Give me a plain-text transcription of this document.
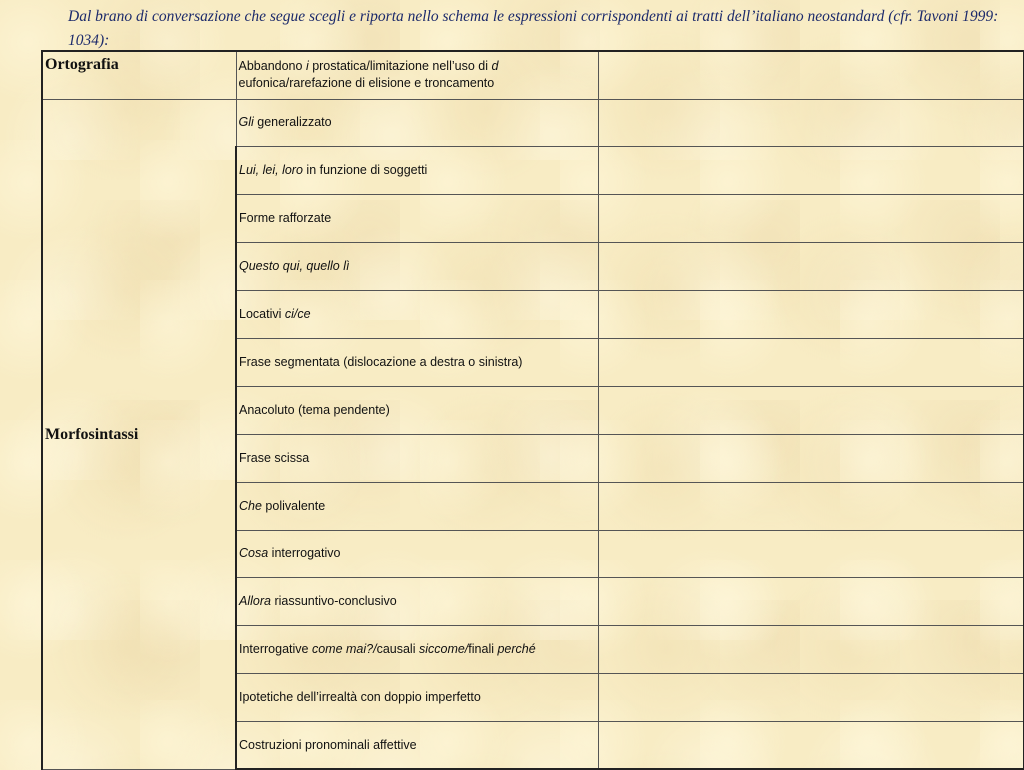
Dal brano di conversazione che segue scegli e riporta nello schema le espressioni corrispondenti ai tratti dell’italiano neostandard (cfr. Tavoni 1999: 1034):

Ortografia	Abbandono i prostatica/limitazione nell’uso di d eufonica/rarefazione di elisione e troncamento	
Morfosintassi	Gli generalizzato	
	Lui, lei, loro in funzione di soggetti	
	Forme rafforzate	
	Questo qui, quello lì	
	Locativi ci/ce	
	Frase segmentata (dislocazione a destra o sinistra)	
	Anacoluto (tema pendente)	
	Frase scissa	
	Che polivalente	
	Cosa interrogativo	
	Allora riassuntivo-conclusivo	
	Interrogative come mai?/causali siccome/finali perché	
	Ipotetiche dell’irrealtà con doppio imperfetto	
	Costruzioni pronominali affettive	
